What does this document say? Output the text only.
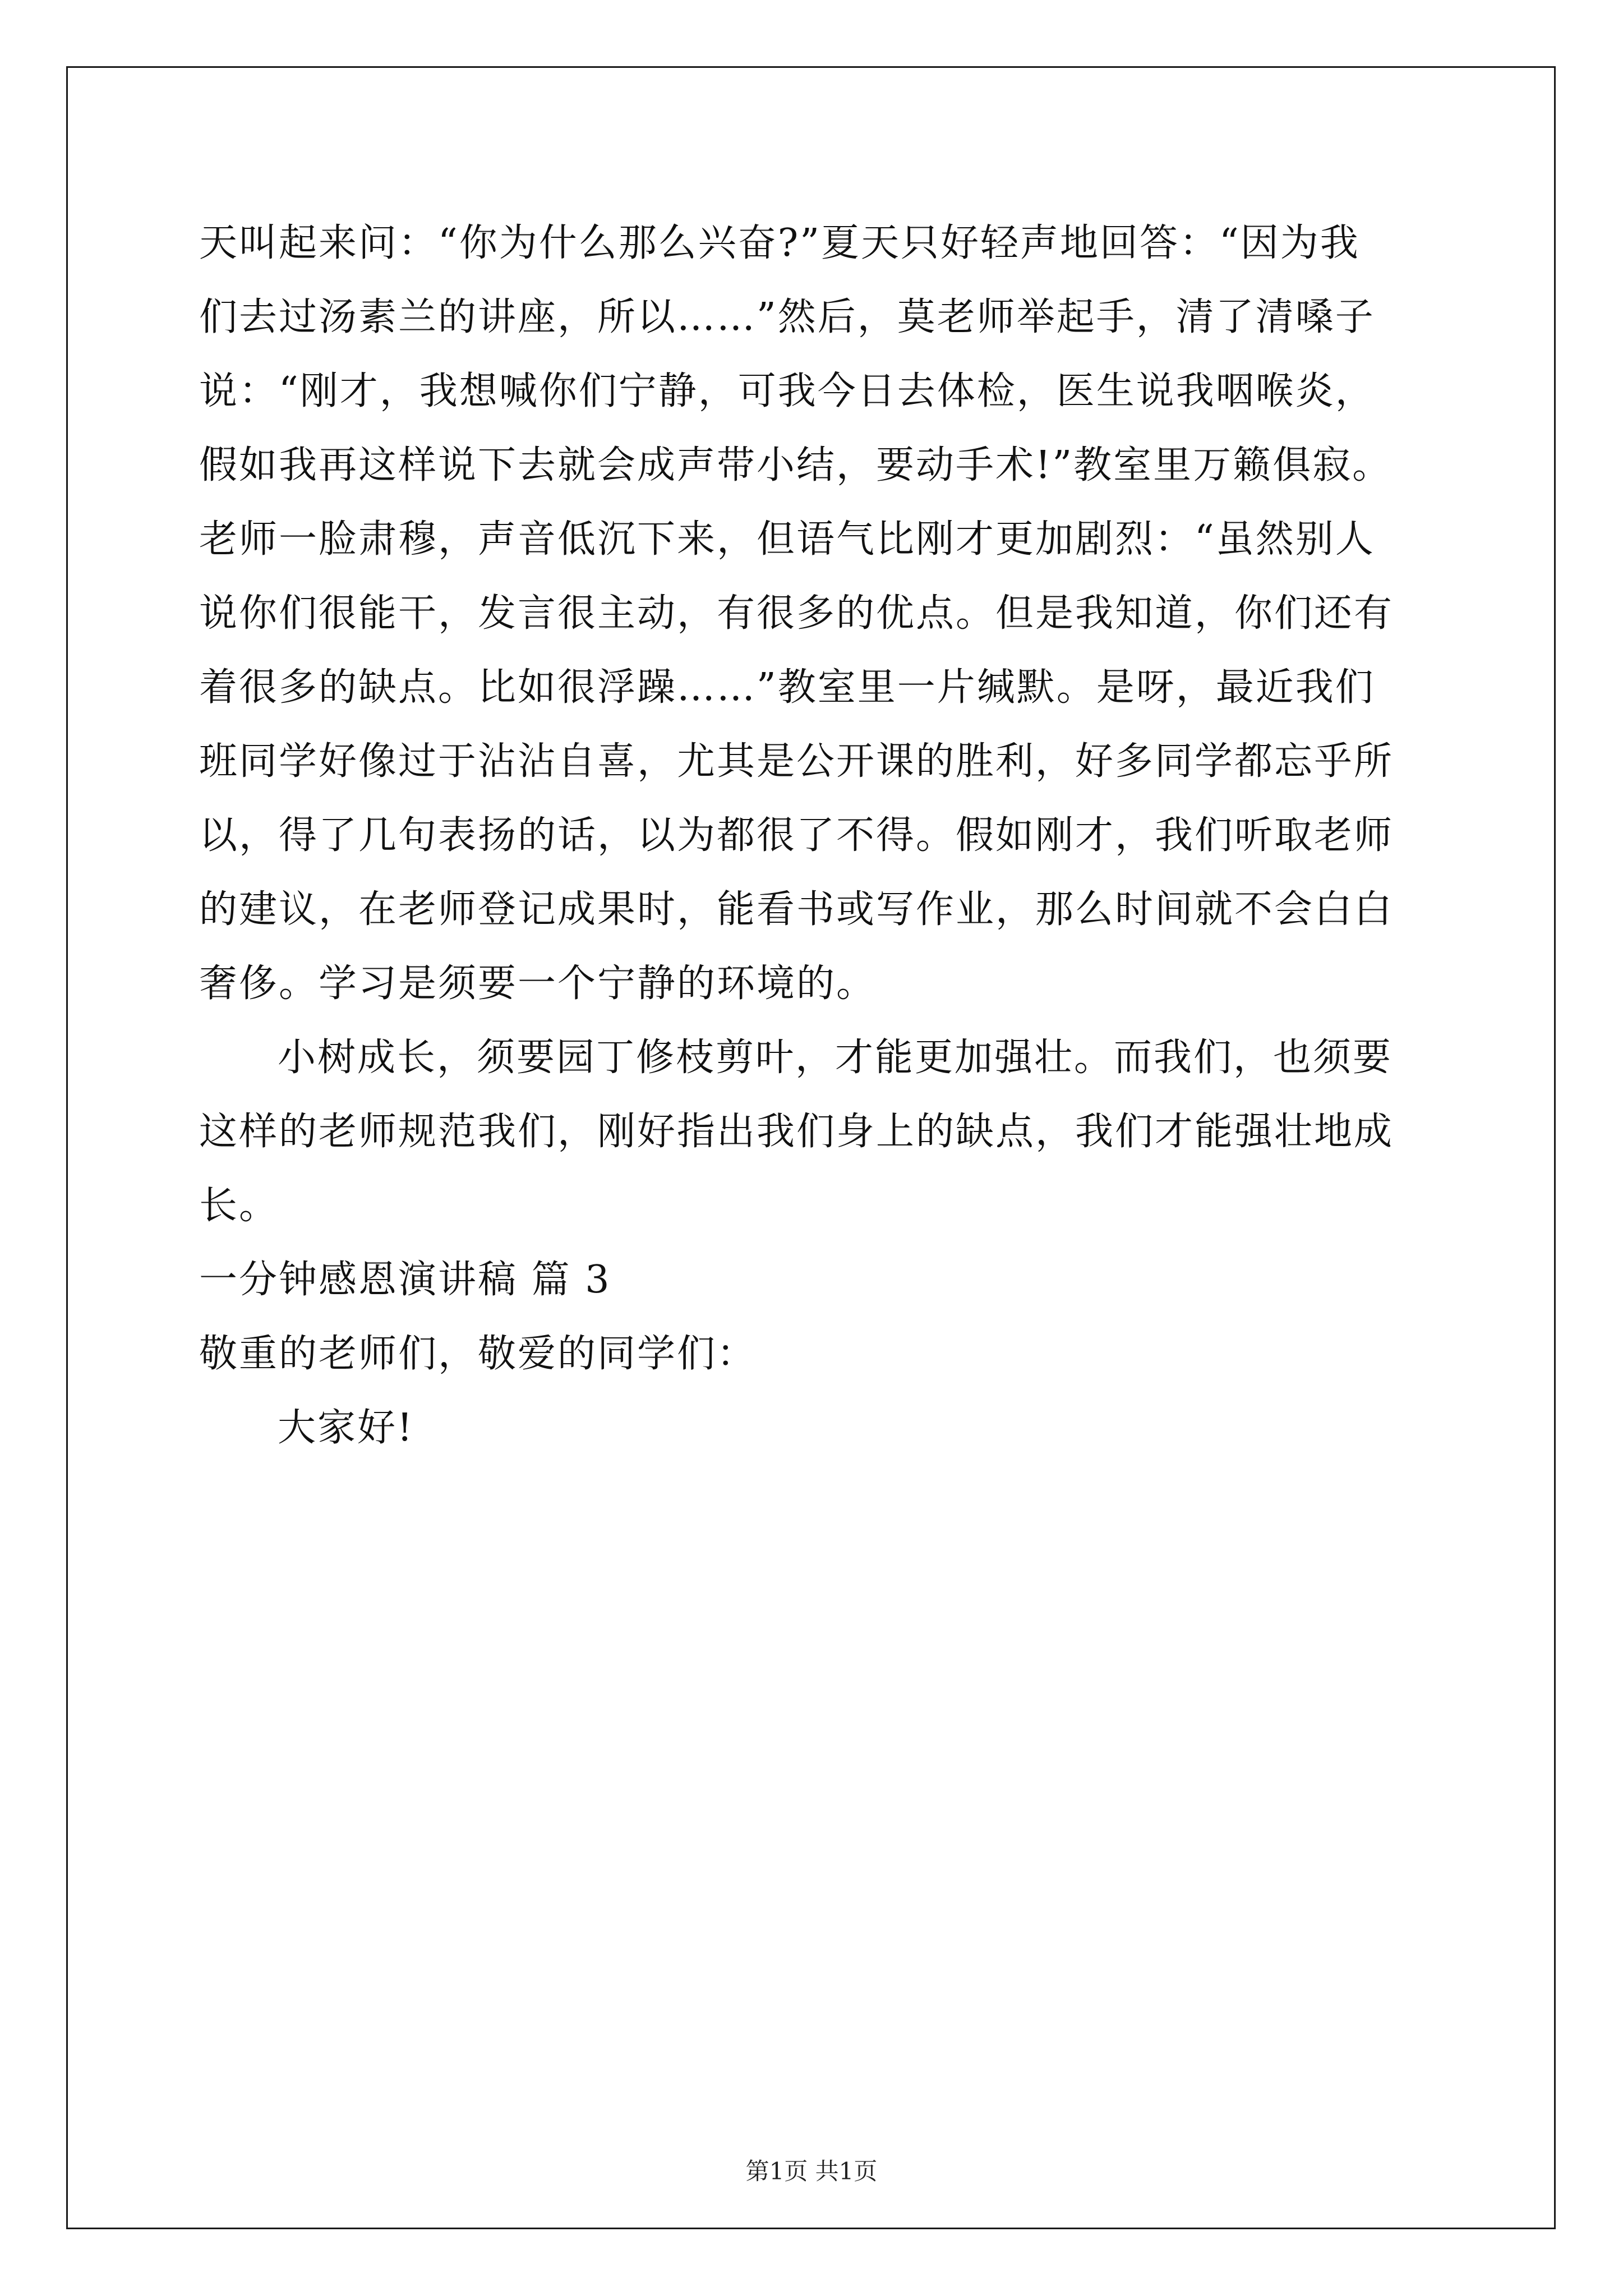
天叫起来问：“你为什么那么兴奋?”夏天只好轻声地回答：“因为我
们去过汤素兰的讲座，所以……”然后，莫老师举起手，清了清嗓子
说：“刚才，我想喊你们宁静，可我今日去体检，医生说我咽喉炎，
假如我再这样说下去就会成声带小结，要动手术!”教室里万籁俱寂。
老师一脸肃穆，声音低沉下来，但语气比刚才更加剧烈：“虽然别人
说你们很能干，发言很主动，有很多的优点。但是我知道，你们还有
着很多的缺点。比如很浮躁……”教室里一片缄默。是呀，最近我们
班同学好像过于沾沾自喜，尤其是公开课的胜利，好多同学都忘乎所
以，得了几句表扬的话，以为都很了不得。假如刚才，我们听取老师
的建议，在老师登记成果时，能看书或写作业，那么时间就不会白白
奢侈。学习是须要一个宁静的环境的。
小树成长，须要园丁修枝剪叶，才能更加强壮。而我们，也须要
这样的老师规范我们，刚好指出我们身上的缺点，我们才能强壮地成
长。
一分钟感恩演讲稿 篇 3
敬重的老师们，敬爱的同学们：
大家好!
第1页 共1页
